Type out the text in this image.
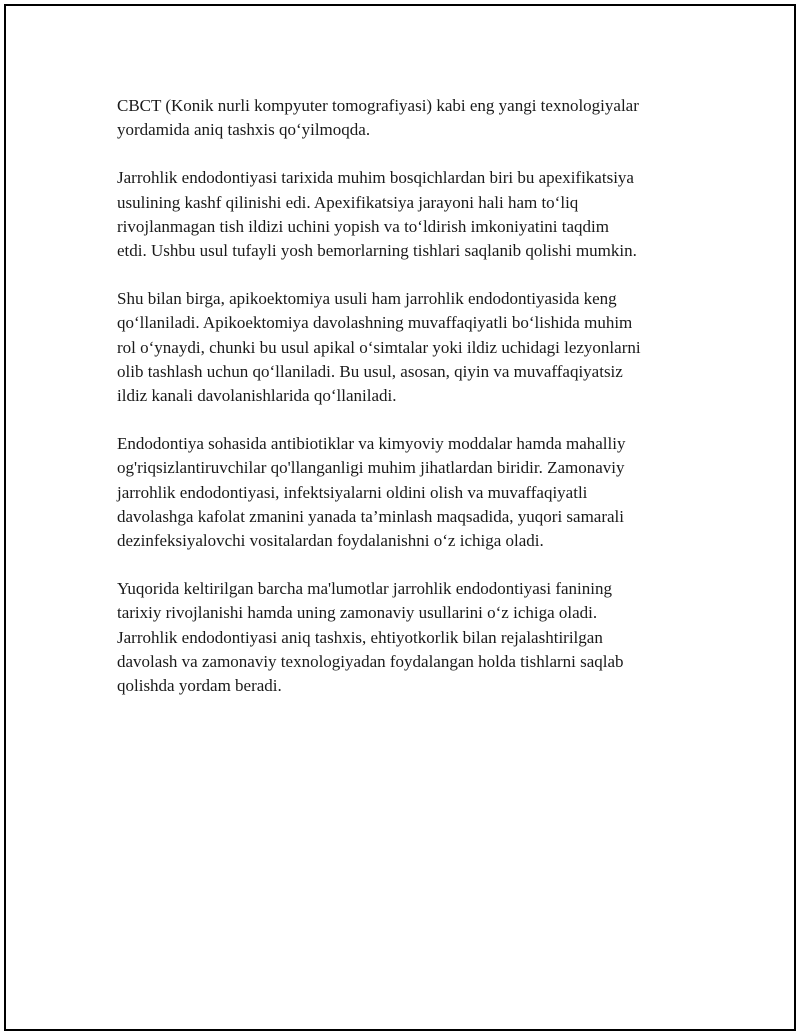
CBCT (Konik nurli kompyuter tomografiyasi) kabi eng yangi texnologiyalar
yordamida aniq tashxis qo‘yilmoqda.

Jarrohlik endodontiyasi tarixida muhim bosqichlardan biri bu apexifikatsiya
usulining kashf qilinishi edi. Apexifikatsiya jarayoni hali ham to‘liq
rivojlanmagan tish ildizi uchini yopish va to‘ldirish imkoniyatini taqdim
etdi. Ushbu usul tufayli yosh bemorlarning tishlari saqlanib qolishi mumkin.

Shu bilan birga, apikoektomiya usuli ham jarrohlik endodontiyasida keng
qo‘llaniladi. Apikoektomiya davolashning muvaffaqiyatli bo‘lishida muhim
rol o‘ynaydi, chunki bu usul apikal o‘simtalar yoki ildiz uchidagi lezyonlarni
olib tashlash uchun qo‘llaniladi. Bu usul, asosan, qiyin va muvaffaqiyatsiz
ildiz kanali davolanishlarida qo‘llaniladi.

Endodontiya sohasida antibiotiklar va kimyoviy moddalar hamda mahalliy
og'riqsizlantiruvchilar qo'llanganligi muhim jihatlardan biridir. Zamonaviy
jarrohlik endodontiyasi, infektsiyalarni oldini olish va muvaffaqiyatli
davolashga kafolat zmanini yanada ta’minlash maqsadida, yuqori samarali
dezinfeksiyalovchi vositalardan foydalanishni o‘z ichiga oladi.

Yuqorida keltirilgan barcha ma'lumotlar jarrohlik endodontiyasi fanining
tarixiy rivojlanishi hamda uning zamonaviy usullarini o‘z ichiga oladi.
Jarrohlik endodontiyasi aniq tashxis, ehtiyotkorlik bilan rejalashtirilgan
davolash va zamonaviy texnologiyadan foydalangan holda tishlarni saqlab
qolishda yordam beradi.
